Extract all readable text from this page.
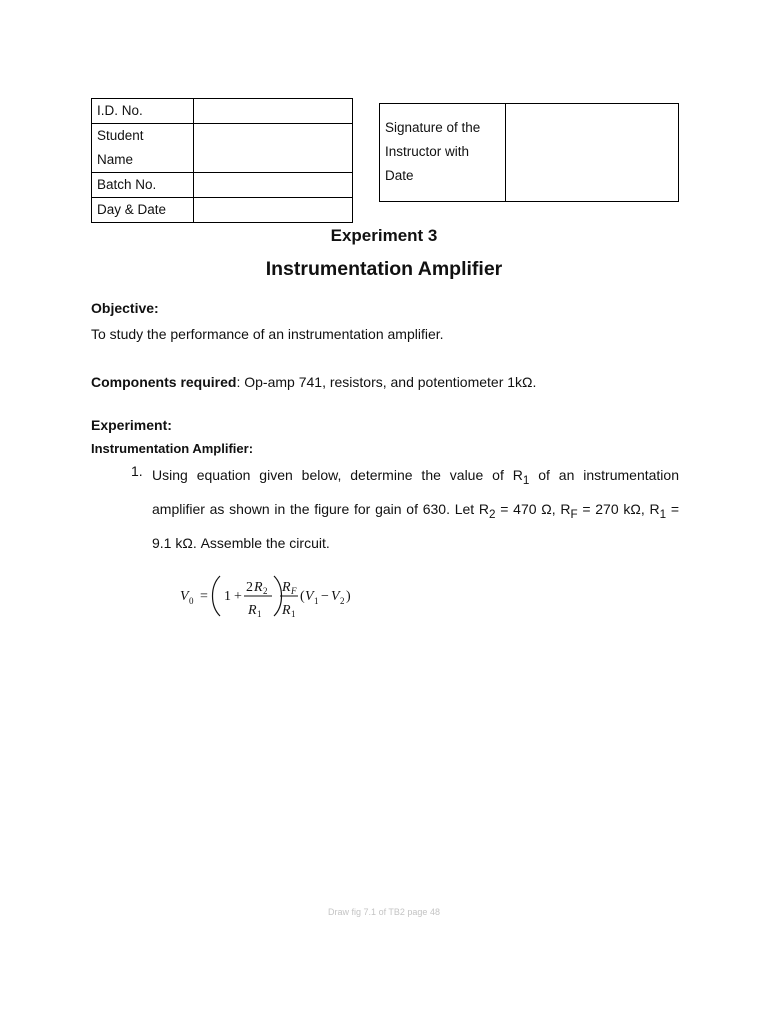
I.D. No.	
Student
Name	
Batch No.	
Day & Date	
Signature of the
Instructor with
Date	
Experiment 3
Instrumentation Amplifier
Objective:
To study the performance of an instrumentation amplifier.
Components required: Op-amp 741, resistors, and potentiometer 1kΩ.
Experiment:
Instrumentation Amplifier:
1. Using equation given below, determine the value of $R_1$ of an instrumentation amplifier as shown in the figure for gain of 630. Let $R_2 = 470$ Ω, $R_F = 270$ kΩ, $R_1 = 9.1$ kΩ. Assemble the circuit.
V 0 = 1 +
2 R 2
R 1
R F
R 1
( V 1 − V 2 )
Draw fig 7.1 of TB2 page 48
